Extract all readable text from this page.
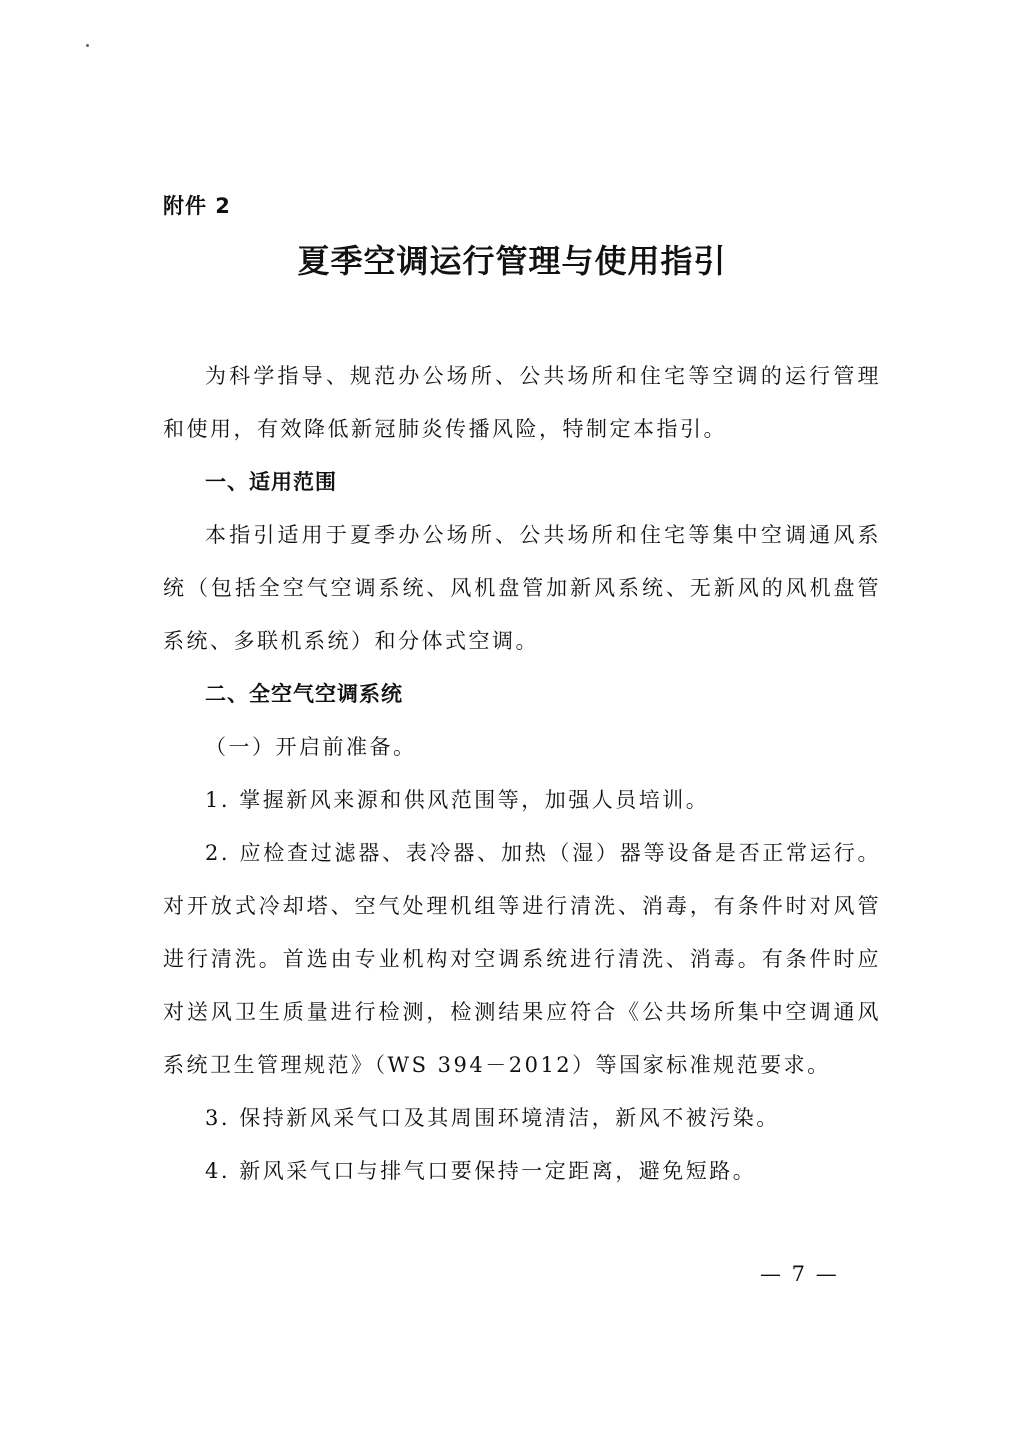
附件 2
夏季空调运行管理与使用指引

为科学指导、规范办公场所、公共场所和住宅等空调的运行管理和使用，有效降低新冠肺炎传播风险，特制定本指引。

一、适用范围

本指引适用于夏季办公场所、公共场所和住宅等集中空调通风系统（包括全空气空调系统、风机盘管加新风系统、无新风的风机盘管系统、多联机系统）和分体式空调。

二、全空气空调系统

（一）开启前准备。

1. 掌握新风来源和供风范围等，加强人员培训。

2. 应检查过滤器、表冷器、加热（湿）器等设备是否正常运行。对开放式冷却塔、空气处理机组等进行清洗、消毒，有条件时对风管进行清洗。首选由专业机构对空调系统进行清洗、消毒。有条件时应对送风卫生质量进行检测，检测结果应符合《公共场所集中空调通风系统卫生管理规范》（WS 394－2012）等国家标准规范要求。

3. 保持新风采气口及其周围环境清洁，新风不被污染。

4. 新风采气口与排气口要保持一定距离，避免短路。

— 7 —
